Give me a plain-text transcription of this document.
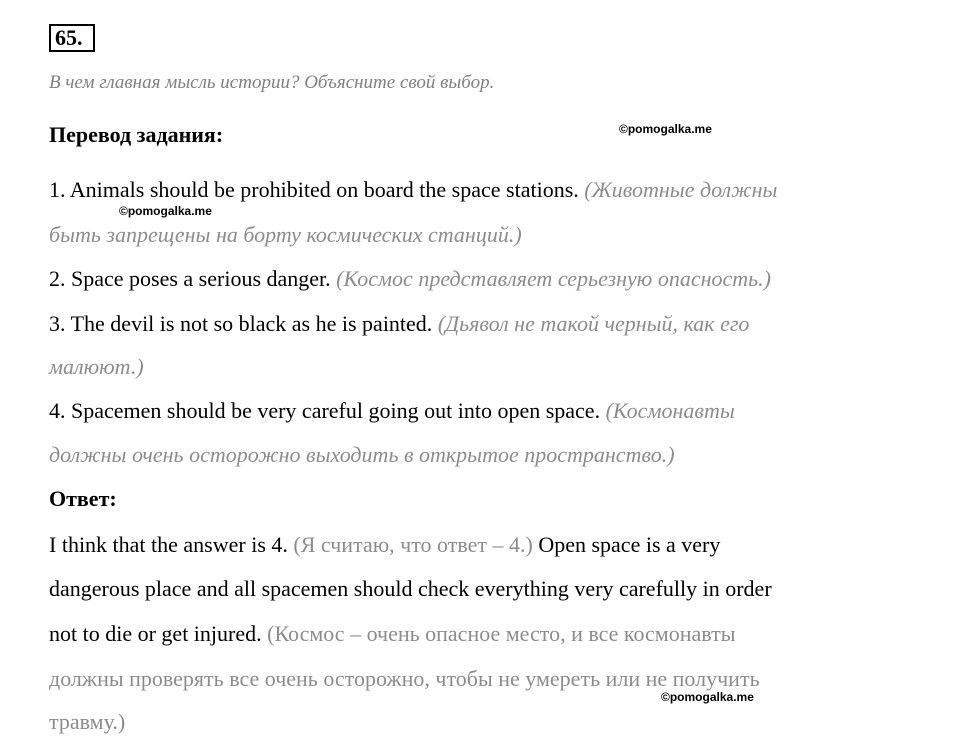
65.
В чем главная мысль истории? Объясните свой выбор.
Перевод задания:	©pomogalka.me
1. Animals should be prohibited on board the space stations. (Животные должны
©pomogalka.me
быть запрещены на борту космических станций.)
2. Space poses a serious danger. (Космос представляет серьезную опасность.)
3. The devil is not so black as he is painted. (Дьявол не такой черный, как его
малюют.)
4. Spacemen should be very careful going out into open space. (Космонавты
должны очень осторожно выходить в открытое пространство.)
Ответ:
I think that the answer is 4. (Я считаю, что ответ – 4.) Open space is a very
dangerous place and all spacemen should check everything very carefully in order
not to die or get injured. (Космос – очень опасное место, и все космонавты
должны проверять все очень осторожно, чтобы не умереть или не получить
©pomogalka.me
травму.)
